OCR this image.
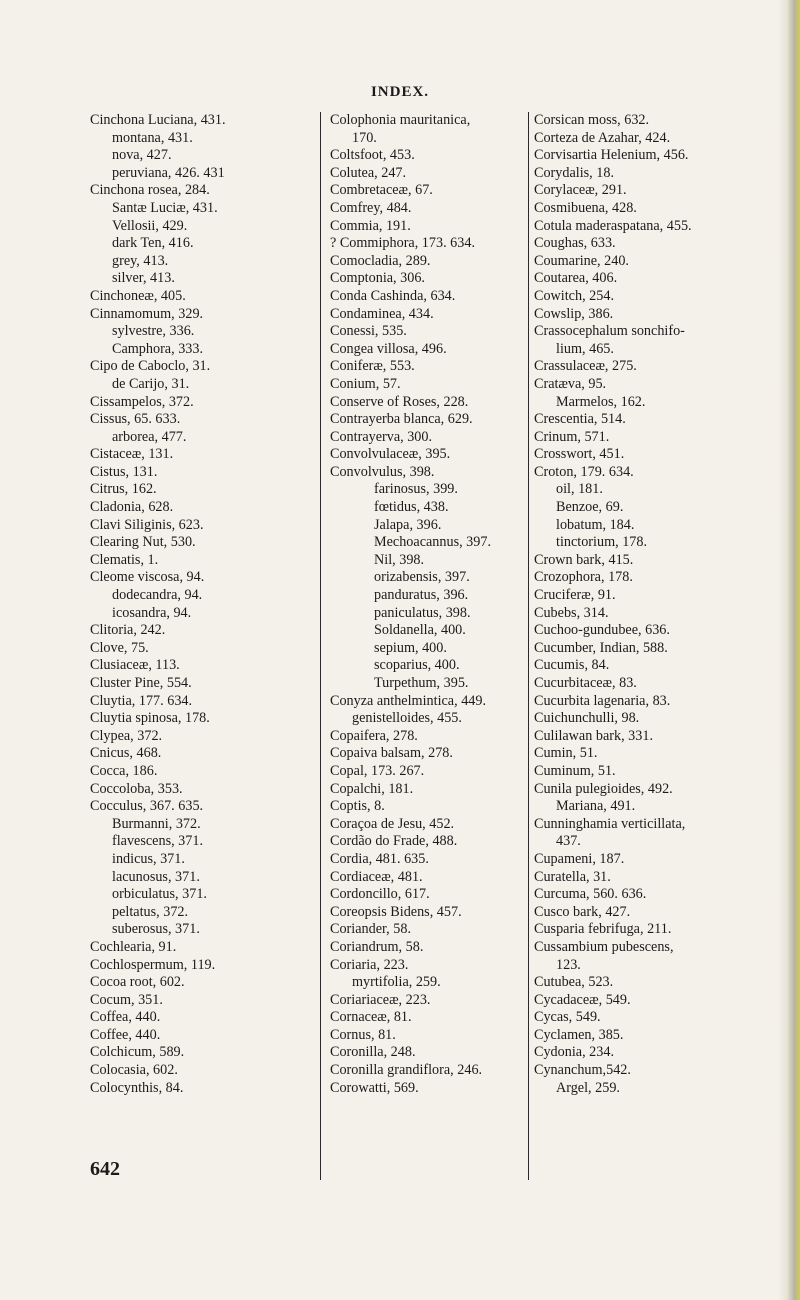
INDEX.
Cinchona Luciana, 431.
montana, 431.
nova, 427.
peruviana, 426. 431
Cinchona rosea, 284.
Santæ Luciæ, 431.
Vellosii, 429.
dark Ten, 416.
grey, 413.
silver, 413.
Cinchoneæ, 405.
Cinnamomum, 329.
sylvestre, 336.
Camphora, 333.
Cipo de Caboclo, 31.
de Carijo, 31.
Cissampelos, 372.
Cissus, 65. 633.
arborea, 477.
Cistaceæ, 131.
Cistus, 131.
Citrus, 162.
Cladonia, 628.
Clavi Siliginis, 623.
Clearing Nut, 530.
Clematis, 1.
Cleome viscosa, 94.
dodecandra, 94.
icosandra, 94.
Clitoria, 242.
Clove, 75.
Clusiaceæ, 113.
Cluster Pine, 554.
Cluytia, 177. 634.
Cluytia spinosa, 178.
Clypea, 372.
Cnicus, 468.
Cocca, 186.
Coccoloba, 353.
Cocculus, 367. 635.
Burmanni, 372.
flavescens, 371.
indicus, 371.
lacunosus, 371.
orbiculatus, 371.
peltatus, 372.
suberosus, 371.
Cochlearia, 91.
Cochlospermum, 119.
Cocoa root, 602.
Cocum, 351.
Coffea, 440.
Coffee, 440.
Colchicum, 589.
Colocasia, 602.
Colocynthis, 84.
Colophonia mauritanica,
170.
Coltsfoot, 453.
Colutea, 247.
Combretaceæ, 67.
Comfrey, 484.
Commia, 191.
? Commiphora, 173. 634.
Comocladia, 289.
Comptonia, 306.
Conda Cashinda, 634.
Condaminea, 434.
Conessi, 535.
Congea villosa, 496.
Coniferæ, 553.
Conium, 57.
Conserve of Roses, 228.
Contrayerba blanca, 629.
Contrayerva, 300.
Convolvulaceæ, 395.
Convolvulus, 398.
farinosus, 399.
fœtidus, 438.
Jalapa, 396.
Mechoacannus, 397.
Nil, 398.
orizabensis, 397.
panduratus, 396.
paniculatus, 398.
Soldanella, 400.
sepium, 400.
scoparius, 400.
Turpethum, 395.
Conyza anthelmintica, 449.
genistelloides, 455.
Copaifera, 278.
Copaiva balsam, 278.
Copal, 173. 267.
Copalchi, 181.
Coptis, 8.
Coraçoa de Jesu, 452.
Cordão do Frade, 488.
Cordia, 481. 635.
Cordiaceæ, 481.
Cordoncillo, 617.
Coreopsis Bidens, 457.
Coriander, 58.
Coriandrum, 58.
Coriaria, 223.
myrtifolia, 259.
Coriariaceæ, 223.
Cornaceæ, 81.
Cornus, 81.
Coronilla, 248.
Coronilla grandiflora, 246.
Corowatti, 569.
Corsican moss, 632.
Corteza de Azahar, 424.
Corvisartia Helenium, 456.
Corydalis, 18.
Corylaceæ, 291.
Cosmibuena, 428.
Cotula maderaspatana, 455.
Coughas, 633.
Coumarine, 240.
Coutarea, 406.
Cowitch, 254.
Cowslip, 386.
Crassocephalum sonchifo-
lium, 465.
Crassulaceæ, 275.
Cratæva, 95.
Marmelos, 162.
Crescentia, 514.
Crinum, 571.
Crosswort, 451.
Croton, 179. 634.
oil, 181.
Benzoe, 69.
lobatum, 184.
tinctorium, 178.
Crown bark, 415.
Crozophora, 178.
Cruciferæ, 91.
Cubebs, 314.
Cuchoo-gundubee, 636.
Cucumber, Indian, 588.
Cucumis, 84.
Cucurbitaceæ, 83.
Cucurbita lagenaria, 83.
Cuichunchulli, 98.
Culilawan bark, 331.
Cumin, 51.
Cuminum, 51.
Cunila pulegioides, 492.
Mariana, 491.
Cunninghamia verticillata,
437.
Cupameni, 187.
Curatella, 31.
Curcuma, 560. 636.
Cusco bark, 427.
Cusparia febrifuga, 211.
Cussambium pubescens,
123.
Cutubea, 523.
Cycadaceæ, 549.
Cycas, 549.
Cyclamen, 385.
Cydonia, 234.
Cynanchum,542.
Argel, 259.
642
